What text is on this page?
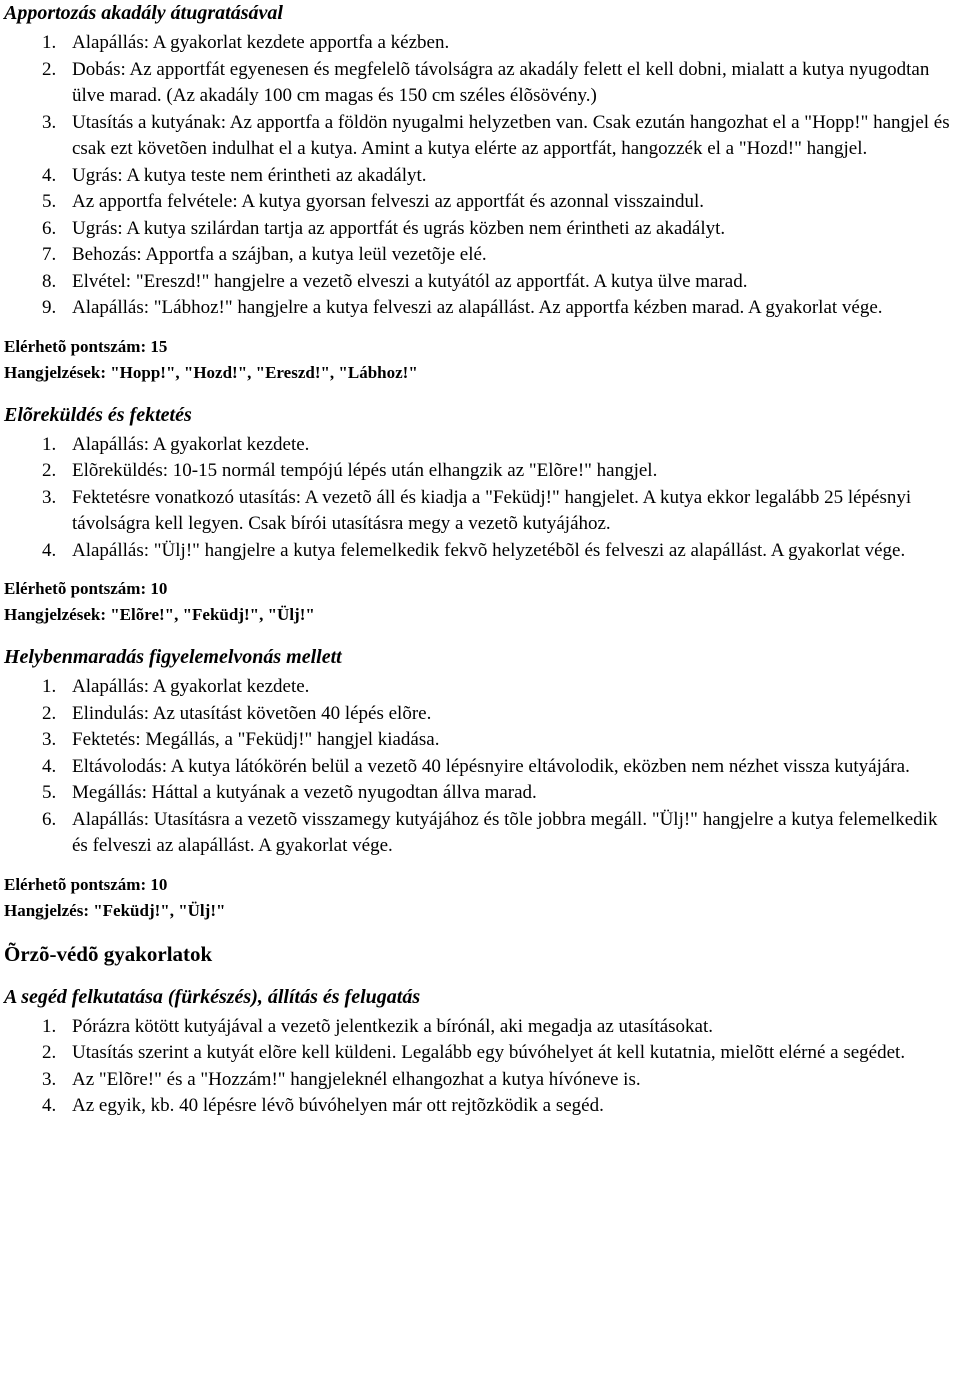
Apportozás akadály átugratásával
1. Alapállás: A gyakorlat kezdete apportfa a kézben.
2. Dobás: Az apportfát egyenesen és megfelelõ távolságra az akadály felett el kell dobni, mialatt a kutya nyugodtan ülve marad. (Az akadály 100 cm magas és 150 cm széles élõsövény.)
3. Utasítás a kutyának: Az apportfa a földön nyugalmi helyzetben van. Csak ezután hangozhat el a "Hopp!" hangjel és csak ezt követõen indulhat el a kutya. Amint a kutya elérte az apportfát, hangozzék el a "Hozd!" hangjel.
4. Ugrás: A kutya teste nem érintheti az akadályt.
5. Az apportfa felvétele: A kutya gyorsan felveszi az apportfát és azonnal visszaindul.
6. Ugrás: A kutya szilárdan tartja az apportfát és ugrás közben nem érintheti az akadályt.
7. Behozás: Apportfa a szájban, a kutya leül vezetõje elé.
8. Elvétel: "Ereszd!" hangjelre a vezetõ elveszi a kutyától az apportfát. A kutya ülve marad.
9. Alapállás: "Lábhoz!" hangjelre a kutya felveszi az alapállást. Az apportfa kézben marad. A gyakorlat vége.

Elérhetõ pontszám: 15

Hangjelzések: "Hopp!", "Hozd!", "Ereszd!", "Lábhoz!"

Elõreküldés és fektetés
1. Alapállás: A gyakorlat kezdete.
2. Elõreküldés: 10-15 normál tempójú lépés után elhangzik az "Elõre!" hangjel.
3. Fektetésre vonatkozó utasítás: A vezetõ áll és kiadja a "Feküdj!" hangjelet. A kutya ekkor legalább 25 lépésnyi távolságra kell legyen. Csak bírói utasításra megy a vezetõ kutyájához.
4. Alapállás: "Ülj!" hangjelre a kutya felemelkedik fekvõ helyzetébõl és felveszi az alapállást. A gyakorlat vége.

Elérhetõ pontszám: 10

Hangjelzések: "Elõre!", "Feküdj!", "Ülj!"

Helybenmaradás figyelemelvonás mellett
1. Alapállás: A gyakorlat kezdete.
2. Elindulás: Az utasítást követõen 40 lépés elõre.
3. Fektetés: Megállás, a "Feküdj!" hangjel kiadása.
4. Eltávolodás: A kutya látókörén belül a vezetõ 40 lépésnyire eltávolodik, eközben nem nézhet vissza kutyájára.
5. Megállás: Háttal a kutyának a vezetõ nyugodtan állva marad.
6. Alapállás: Utasításra a vezetõ visszamegy kutyájához és tõle jobbra megáll. "Ülj!" hangjelre a kutya felemelkedik és felveszi az alapállást. A gyakorlat vége.

Elérhetõ pontszám: 10

Hangjelzés: "Feküdj!", "Ülj!"

Õrzõ-védõ gyakorlatok
A segéd felkutatása (fürkészés), állítás és felugatás
1. Pórázra kötött kutyájával a vezetõ jelentkezik a bírónál, aki megadja az utasításokat.
2. Utasítás szerint a kutyát elõre kell küldeni. Legalább egy búvóhelyet át kell kutatnia, mielõtt elérné a segédet.
3. Az "Elõre!" és a "Hozzám!" hangjeleknél elhangozhat a kutya hívóneve is.
4. Az egyik, kb. 40 lépésre lévõ búvóhelyen már ott rejtõzködik a segéd.
